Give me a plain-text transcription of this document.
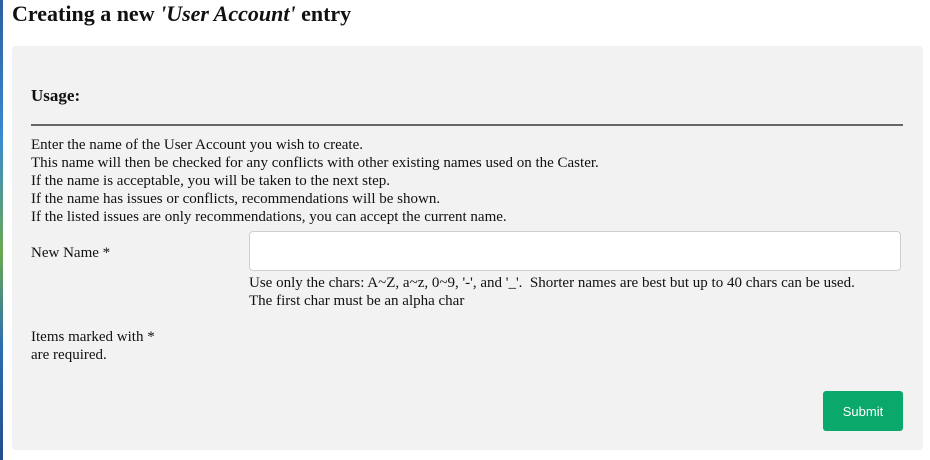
Creating a new 'User Account' entry
Usage:
Enter the name of the User Account you wish to create.
This name will then be checked for any conflicts with other existing names used on the Caster.
If the name is acceptable, you will be taken to the next step.
If the name has issues or conflicts, recommendations will be shown.
If the listed issues are only recommendations, you can accept the current name.
New Name *
Use only the chars: A~Z, a~z, 0~9, '-', and '_'.  Shorter names are best but up to 40 chars can be used.
The first char must be an alpha char
Items marked with *
are required.
Submit
